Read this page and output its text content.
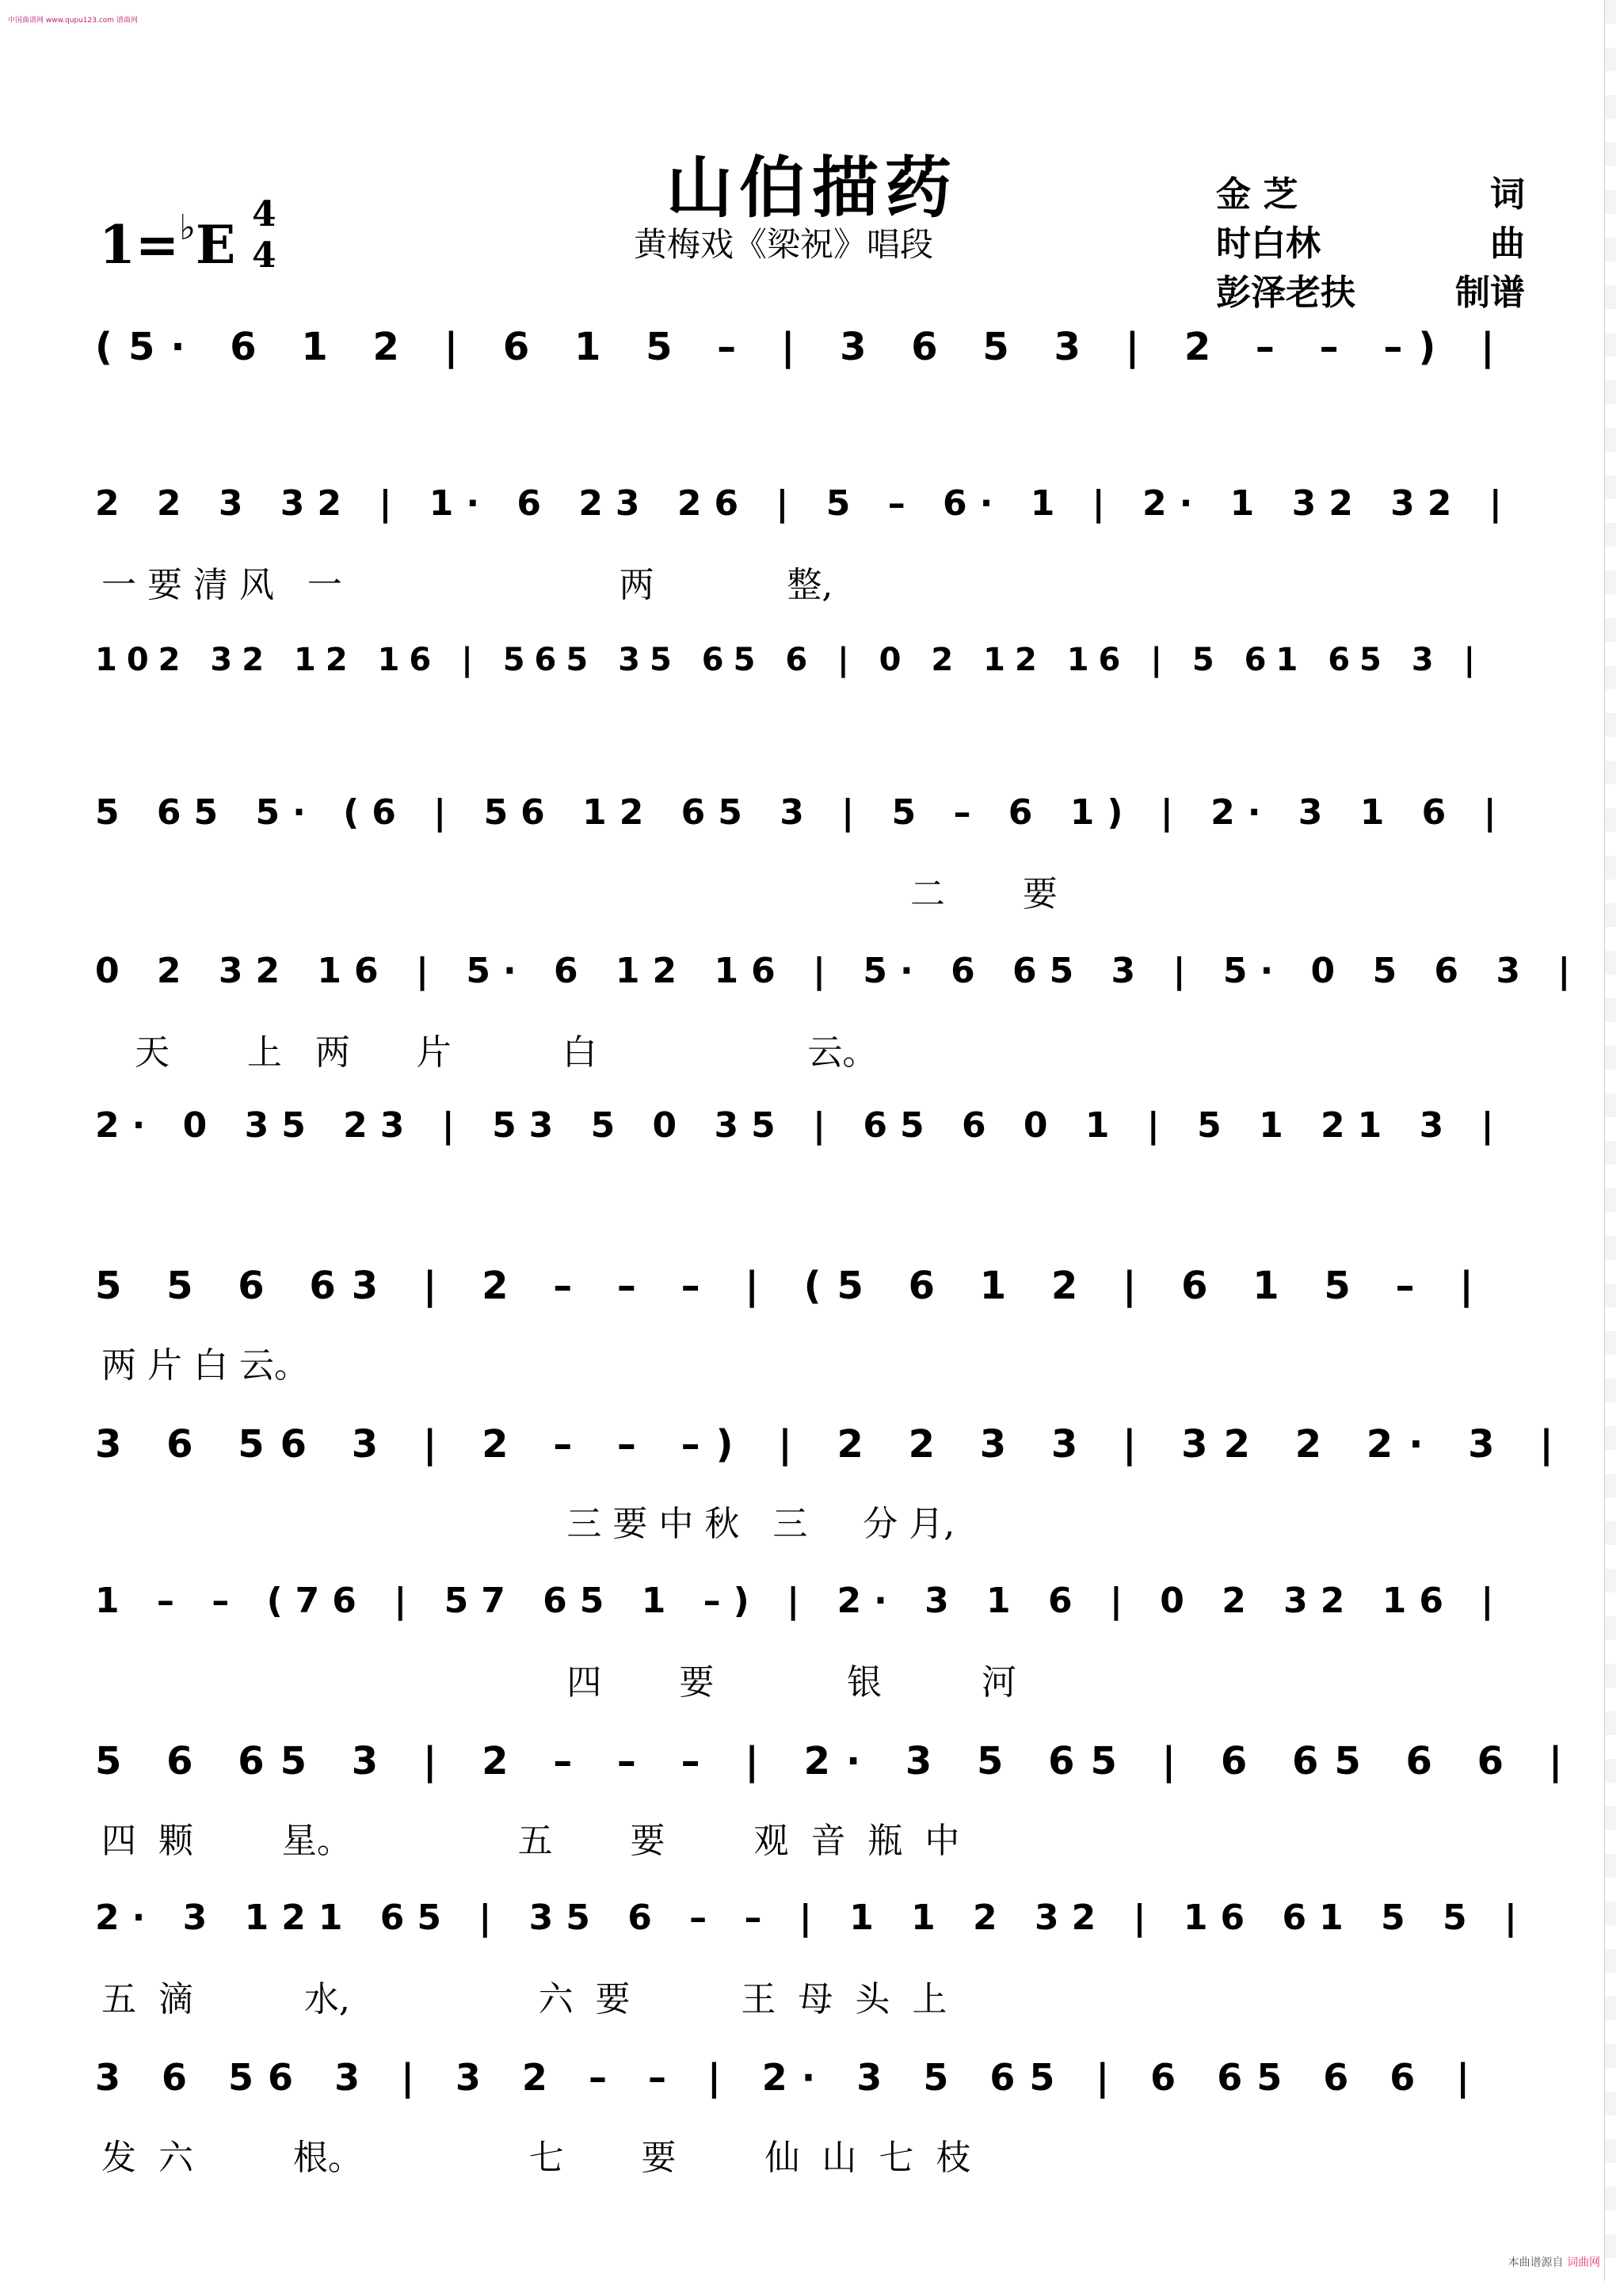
中国曲谱网 www.qupu123.com 谱曲网
山伯描药
黄梅戏《梁祝》唱段
1=♭E 4
4
金 芝	词
时白林	曲
彭泽老扶	制谱
(5· 6 1 2 | 6 1 5 – | 3 6 5 3 | 2 – – –) |
2 2 3 32 | 1· 6 23 26 | 5 – 6· 1 | 2· 1 32 32 |
一 要 清 风   一                         两            整,
102 32 12 16 | 565 35 65 6 | 0 2 12 16 | 5 61 65 3 |
5 65 5· (6 | 56 12 65 3 | 5 – 6 1) | 2· 3 1 6 |
二       要
0 2 32 16 | 5· 6 12 16 | 5· 6 65 3 | 5· 0 5 6 3 |
天       上   两      片          白                   云。
2· 0 35 23 | 53 5 0 35 | 65 6 0 1 | 5 1 21 3 |
5 5 6 63 | 2 – – – | (5 6 1 2 | 6 1 5 – |
两 片 白 云。
3 6 56 3 | 2 – – –) | 2 2 3 3 | 32 2 2· 3 |
三 要 中 秋   三     分 月,
1 – – (76 | 57 65 1 –) | 2· 3 1 6 | 0 2 32 16 |
四       要            银         河
5 6 65 3 | 2 – – – | 2· 3 5 65 | 6 65 6 6 |
四  颗        星。               五       要        观  音  瓶  中
2· 3 121 65 | 35 6 – – | 1 1 2 32 | 16 61 5 5 |
五  滴          水,                 六  要          王  母  头  上
3 6 56 3 | 3 2 – – | 2· 3 5 65 | 6 65 6 6 |
发  六         根。               七       要        仙  山  七  枝
本曲谱源自 词曲网
